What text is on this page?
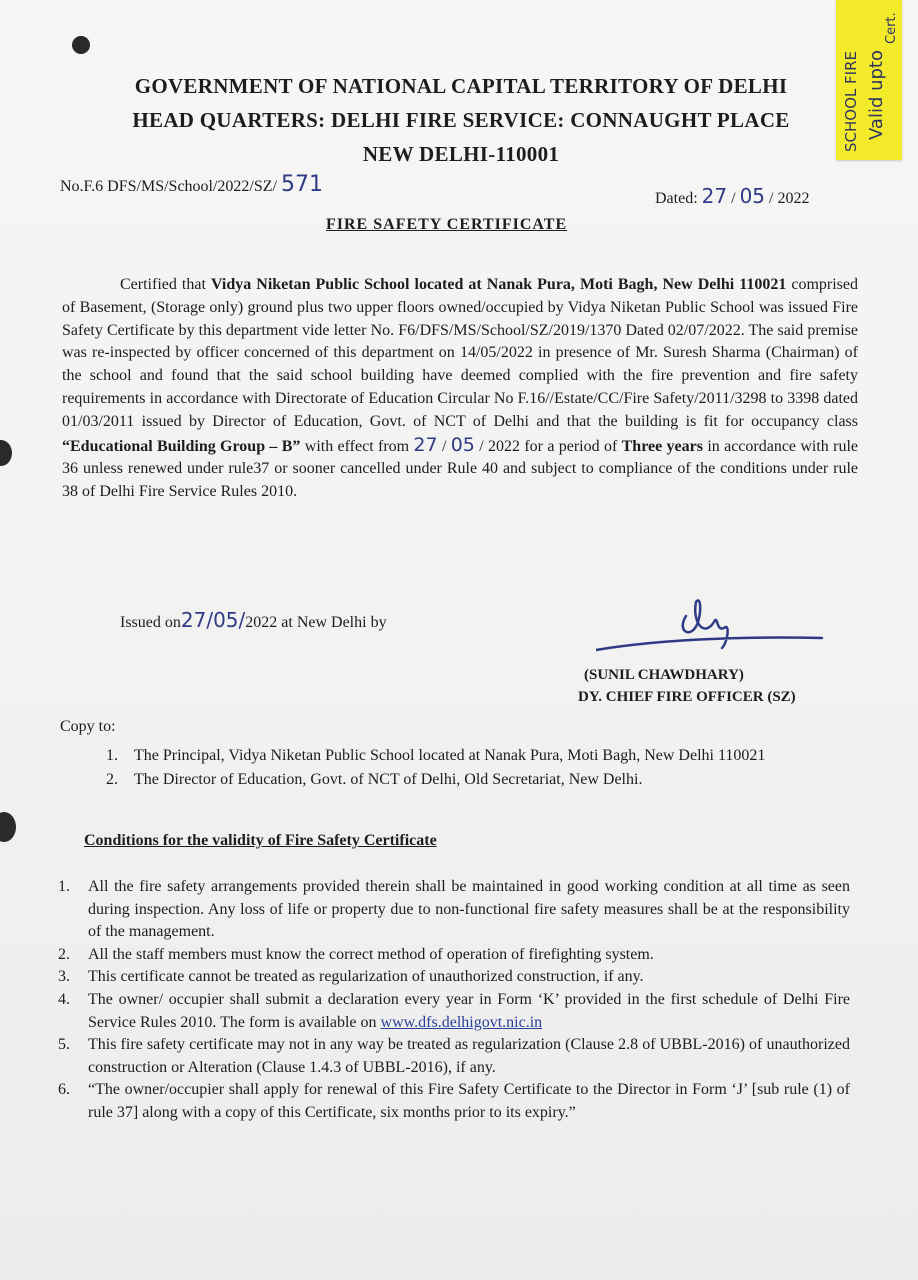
SCHOOL FIRE Valid upto
Cert.
GOVERNMENT OF NATIONAL CAPITAL TERRITORY OF DELHI
HEAD QUARTERS: DELHI FIRE SERVICE: CONNAUGHT PLACE
NEW DELHI-110001
No.F.6 DFS/MS/School/2022/SZ/ 571
Dated: 27 / 05 / 2022
FIRE SAFETY CERTIFICATE
Certified that Vidya Niketan Public School located at Nanak Pura, Moti Bagh, New Delhi 110021 comprised of Basement, (Storage only) ground plus two upper floors owned/occupied by Vidya Niketan Public School was issued Fire Safety Certificate by this department vide letter No. F6/DFS/MS/School/SZ/2019/1370 Dated 02/07/2022. The said premise was re-inspected by officer concerned of this department on 14/05/2022 in presence of Mr. Suresh Sharma (Chairman) of the school and found that the said school building have deemed complied with the fire prevention and fire safety requirements in accordance with Directorate of Education Circular No F.16//Estate/CC/Fire Safety/2011/3298 to 3398 dated 01/03/2011 issued by Director of Education, Govt. of NCT of Delhi and that the building is fit for occupancy class “Educational Building Group – B” with effect from 27 / 05 / 2022 for a period of Three years in accordance with rule 36 unless renewed under rule37 or sooner cancelled under Rule 40 and subject to compliance of the conditions under rule 38 of Delhi Fire Service Rules 2010.
Issued on27/05/2022 at New Delhi by
(SUNIL CHAWDHARY)
DY. CHIEF FIRE OFFICER (SZ)
Copy to:
1. The Principal, Vidya Niketan Public School located at Nanak Pura, Moti Bagh, New Delhi 110021
2. The Director of Education, Govt. of NCT of Delhi, Old Secretariat, New Delhi.
Conditions for the validity of Fire Safety Certificate
1. All the fire safety arrangements provided therein shall be maintained in good working condition at all time as seen during inspection. Any loss of life or property due to non-functional fire safety measures shall be at the responsibility of the management.
2. All the staff members must know the correct method of operation of firefighting system.
3. This certificate cannot be treated as regularization of unauthorized construction, if any.
4. The owner/ occupier shall submit a declaration every year in Form ‘K’ provided in the first schedule of Delhi Fire Service Rules 2010. The form is available on www.dfs.delhigovt.nic.in
5. This fire safety certificate may not in any way be treated as regularization (Clause 2.8 of UBBL-2016) of unauthorized construction or Alteration (Clause 1.4.3 of UBBL-2016), if any.
6. “The owner/occupier shall apply for renewal of this Fire Safety Certificate to the Director in Form ‘J’ [sub rule (1) of rule 37] along with a copy of this Certificate, six months prior to its expiry.”
